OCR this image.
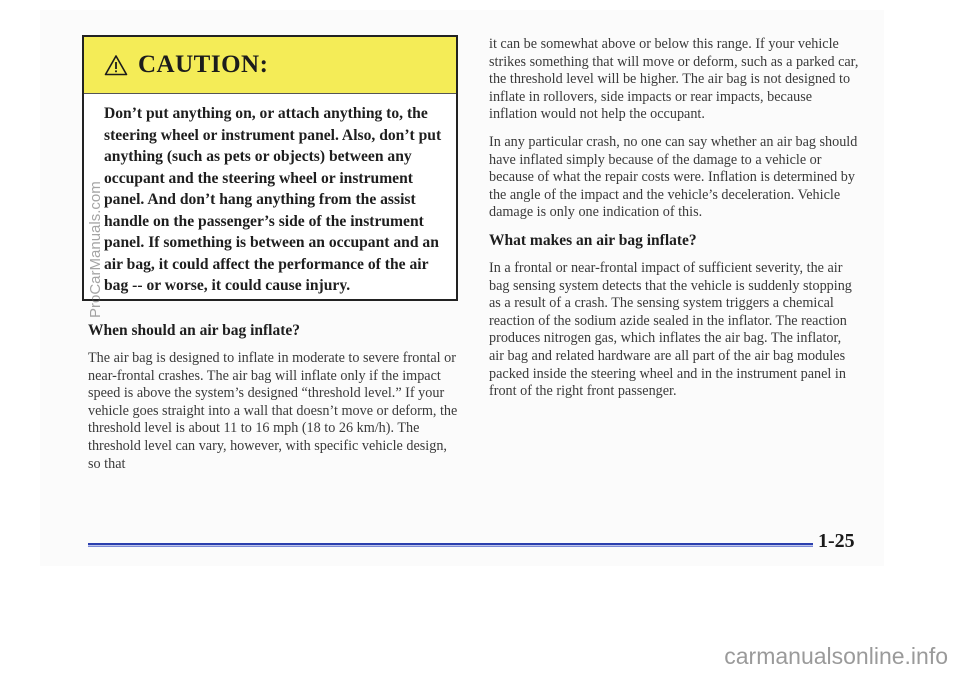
CAUTION:
Don’t put anything on, or attach anything to, the steering wheel or instrument panel. Also, don’t put anything (such as pets or objects) between any occupant and the steering wheel or instrument panel. And don’t hang anything from the assist handle on the passenger’s side of the instrument panel. If something is between an occupant and an air bag, it could affect the performance of the air bag -- or worse, it could cause injury.
When should an air bag inflate?

The air bag is designed to inflate in moderate to severe frontal or near-frontal crashes. The air bag will inflate only if the impact speed is above the system’s designed “threshold level.” If your vehicle goes straight into a wall that doesn’t move or deform, the threshold level is about 11 to 16 mph (18 to 26 km/h). The threshold level can vary, however, with specific vehicle design, so that

it can be somewhat above or below this range. If your vehicle strikes something that will move or deform, such as a parked car, the threshold level will be higher. The air bag is not designed to inflate in rollovers, side impacts or rear impacts, because inflation would not help the occupant.

In any particular crash, no one can say whether an air bag should have inflated simply because of the damage to a vehicle or because of what the repair costs were. Inflation is determined by the angle of the impact and the vehicle’s deceleration. Vehicle damage is only one indication of this.

What makes an air bag inflate?

In a frontal or near-frontal impact of sufficient severity, the air bag sensing system detects that the vehicle is suddenly stopping as a result of a crash. The sensing system triggers a chemical reaction of the sodium azide sealed in the inflator. The reaction produces nitrogen gas, which inflates the air bag. The inflator, air bag and related hardware are all part of the air bag modules packed inside the steering wheel and in the instrument panel in front of the right front passenger.

1-25
ProCarManuals.com
carmanualsonline.info
